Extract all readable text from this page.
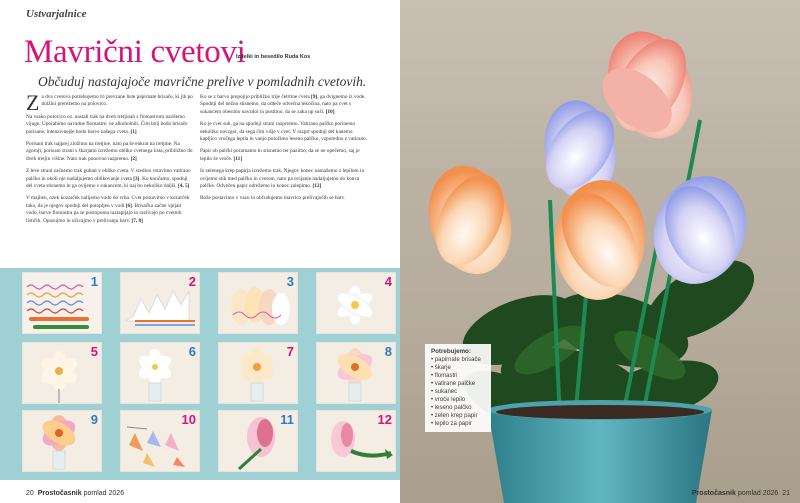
Ustvarjalnice
Mavrični cvetovi
Izdelki in besedilo Ruda Kos
Občuduj nastajajoče mavrične prelive v pomladnih cvetovih.

Za dva cvetova potrebujemo tri prevzane liste papirnate brisače, ki jih po dolžini prerežemo na polovico.

Na vsako polovico oz. nastali trak na dveh tretjinah s flomastrom narišemo vijuge. Uporabimo navadne flomastre, ne alkoholnih. Čim bolj bodo brisače porisane, intenzivnejše bodo barve našega cveta. [1]

Porisani trak najprej zložimo na tretjine, nato pa še enkrat na tretjine. Na zgornji, porisani strani s škarjami izrežemo obliko cvetnega lista, pribiližno do dveh tretjin višine. Nato trak ponovno razpremo. [2]

Z leve strani začnemo trak gubati v obliko cveta. V sredino vstavimo vatirano palčko in okoli nje nadaljujemo oblikovanje cveta [3]. Ko končamo, spodnji del cveta stisnemo in ga ovijemo s sukancem, ki naj bo nekoliko daljši. [4, 5]

V majhen, ozek kozarček nalijemo vodo do vrha. Cvet postavimo v kozarček tako, da je njegov spodnji del potopljen v vodi [6]. Brisačka začne vpijati vodo, barve flomastra pa se postopoma raztapljajo in razlivajo po cvetnih lističih. Opazujmo in uživajmo v prelivanju barv. [7, 8]

Ko se z barvo prepojijo približno trije četrtine cveta [9], ga dvignemo iz vode. Spodnji del nežno stisnemo, da odteče odvečna tekočina, nato pa cvet s sukancem obesimo navzdol in pustimo, da se zaka up suši. [10]

Ko je cvet suh, ga na spodnji strani razprremo. Vatirano palčko porinemo nekoliko navzgor, da sega čim višje v cvet. V razprt spodnji del kanemo kapljico vročega lepila in vanjo položimo leseno palčko, vzporedno z vatirano.

Papir ob palčki porarnamo in stisnemo ter pazimo, da se ne opečemo, saj je lepilo še vroče. [11]

Iz zelenega krep papirja izrežemo trak. Njegov konec namažemo z lepilom in ovijemo stik med palčko in cvetom, nato pa ovijanje nadaljujemo do konca palčke. Odvečen papir odrežemo in konec zalepimo. [12]

Rože postavimo v vazo in občudujemo mavrico prelivajočih se barv.

1	2	3	4
5	6	7	8
9	10	11	12
20 Prostočasnik pomlad 2026	Prostočasnik pomlad 2026 21
Potrebujemo:
• papirnate brisače
• škarje
• flomastri
• vatirane palčke
• sukanec
• vroče lepilo
• leseno palčko
• zelen krep papir
• lepilo za papir
